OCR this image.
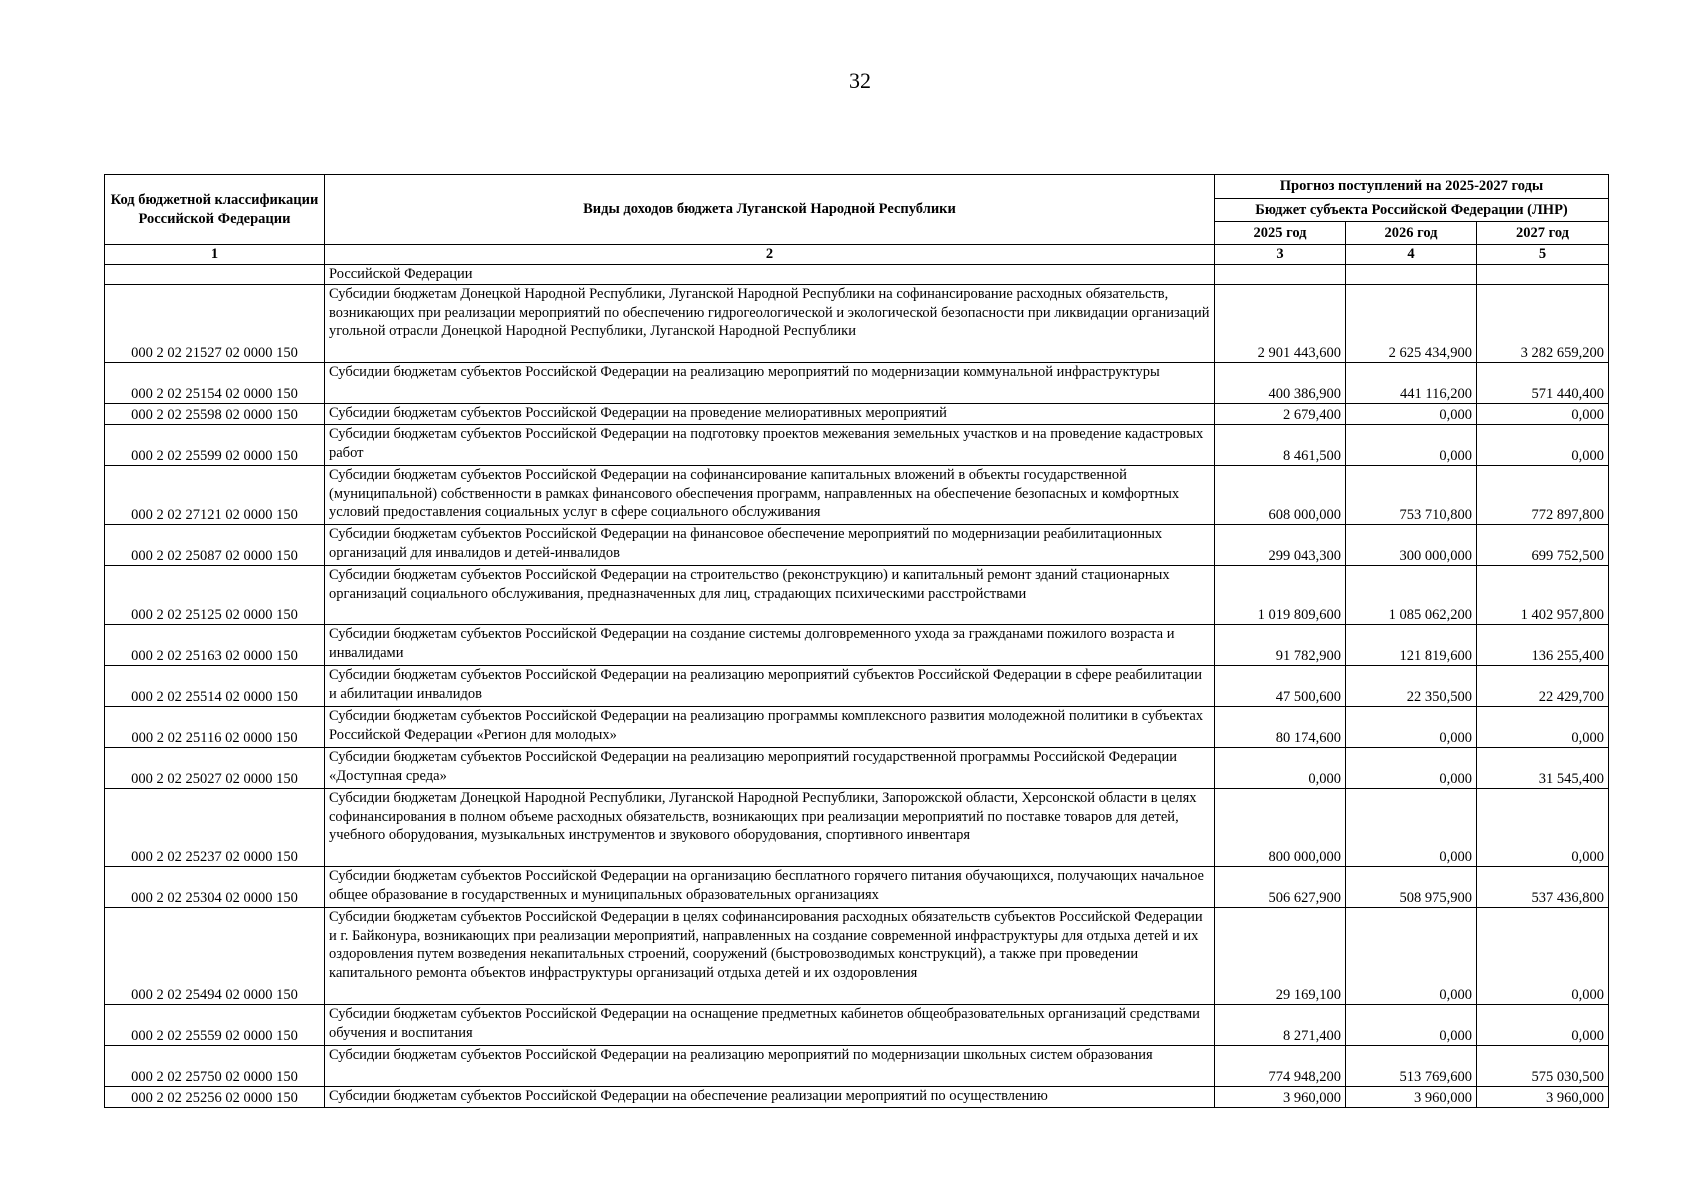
32
Код бюджетной классификации Российской Федерации	Виды доходов бюджета Луганской Народной Республики	Прогноз поступлений на 2025-2027 годы		
		Бюджет субъекта Российской Федерации (ЛНР)		
		2025 год	2026 год	2027 год
1	2	3	4	5
	Российской Федерации			
000 2 02 21527 02 0000 150	Субсидии бюджетам Донецкой Народной Республики, Луганской Народной Республики на софинансирование расходных обязательств, возникающих при реализации мероприятий по обеспечению гидрогеологической и экологической безопасности при ликвидации организаций угольной отрасли Донецкой Народной Республики, Луганской Народной Республики	2 901 443,600	2 625 434,900	3 282 659,200
000 2 02 25154 02 0000 150	Субсидии бюджетам субъектов Российской Федерации на реализацию мероприятий по модернизации коммунальной инфраструктуры	400 386,900	441 116,200	571 440,400
000 2 02 25598 02 0000 150	Субсидии бюджетам субъектов Российской Федерации на проведение мелиоративных мероприятий	2 679,400	0,000	0,000
000 2 02 25599 02 0000 150	Субсидии бюджетам субъектов Российской Федерации на подготовку проектов межевания земельных участков и на проведение кадастровых работ	8 461,500	0,000	0,000
000 2 02 27121 02 0000 150	Субсидии бюджетам субъектов Российской Федерации на софинансирование капитальных вложений в объекты государственной (муниципальной) собственности в рамках финансового обеспечения программ, направленных на обеспечение безопасных и комфортных условий предоставления социальных услуг в сфере социального обслуживания	608 000,000	753 710,800	772 897,800
000 2 02 25087 02 0000 150	Субсидии бюджетам субъектов Российской Федерации на финансовое обеспечение мероприятий по модернизации реабилитационных организаций для инвалидов и детей-инвалидов	299 043,300	300 000,000	699 752,500
000 2 02 25125 02 0000 150	Субсидии бюджетам субъектов Российской Федерации на строительство (реконструкцию) и капитальный ремонт зданий стационарных организаций социального обслуживания, предназначенных для лиц, страдающих психическими расстройствами	1 019 809,600	1 085 062,200	1 402 957,800
000 2 02 25163 02 0000 150	Субсидии бюджетам субъектов Российской Федерации на создание системы долговременного ухода за гражданами пожилого возраста и инвалидами	91 782,900	121 819,600	136 255,400
000 2 02 25514 02 0000 150	Субсидии бюджетам субъектов Российской Федерации на реализацию мероприятий субъектов Российской Федерации в сфере реабилитации и абилитации инвалидов	47 500,600	22 350,500	22 429,700
000 2 02 25116 02 0000 150	Субсидии бюджетам субъектов Российской Федерации на реализацию программы комплексного развития молодежной политики в субъектах Российской Федерации «Регион для молодых»	80 174,600	0,000	0,000
000 2 02 25027 02 0000 150	Субсидии бюджетам субъектов Российской Федерации на реализацию мероприятий государственной программы Российской Федерации «Доступная среда»	0,000	0,000	31 545,400
000 2 02 25237 02 0000 150	Субсидии бюджетам Донецкой Народной Республики, Луганской Народной Республики, Запорожской области, Херсонской области в целях софинансирования в полном объеме расходных обязательств, возникающих при реализации мероприятий по поставке товаров для детей, учебного оборудования, музыкальных инструментов и звукового оборудования, спортивного инвентаря	800 000,000	0,000	0,000
000 2 02 25304 02 0000 150	Субсидии бюджетам субъектов Российской Федерации на организацию бесплатного горячего питания обучающихся, получающих начальное общее образование в государственных и муниципальных образовательных организациях	506 627,900	508 975,900	537 436,800
000 2 02 25494 02 0000 150	Субсидии бюджетам субъектов Российской Федерации в целях софинансирования расходных обязательств субъектов Российской Федерации и г. Байконура, возникающих при реализации мероприятий, направленных на создание современной инфраструктуры для отдыха детей и их оздоровления путем возведения некапитальных строений, сооружений (быстровозводимых конструкций), а также при проведении капитального ремонта объектов инфраструктуры организаций отдыха детей и их оздоровления	29 169,100	0,000	0,000
000 2 02 25559 02 0000 150	Субсидии бюджетам субъектов Российской Федерации на оснащение предметных кабинетов общеобразовательных организаций средствами обучения и воспитания	8 271,400	0,000	0,000
000 2 02 25750 02 0000 150	Субсидии бюджетам субъектов Российской Федерации на реализацию мероприятий по модернизации школьных систем образования	774 948,200	513 769,600	575 030,500
000 2 02 25256 02 0000 150	Субсидии бюджетам субъектов Российской Федерации на обеспечение реализации мероприятий по осуществлению	3 960,000	3 960,000	3 960,000
